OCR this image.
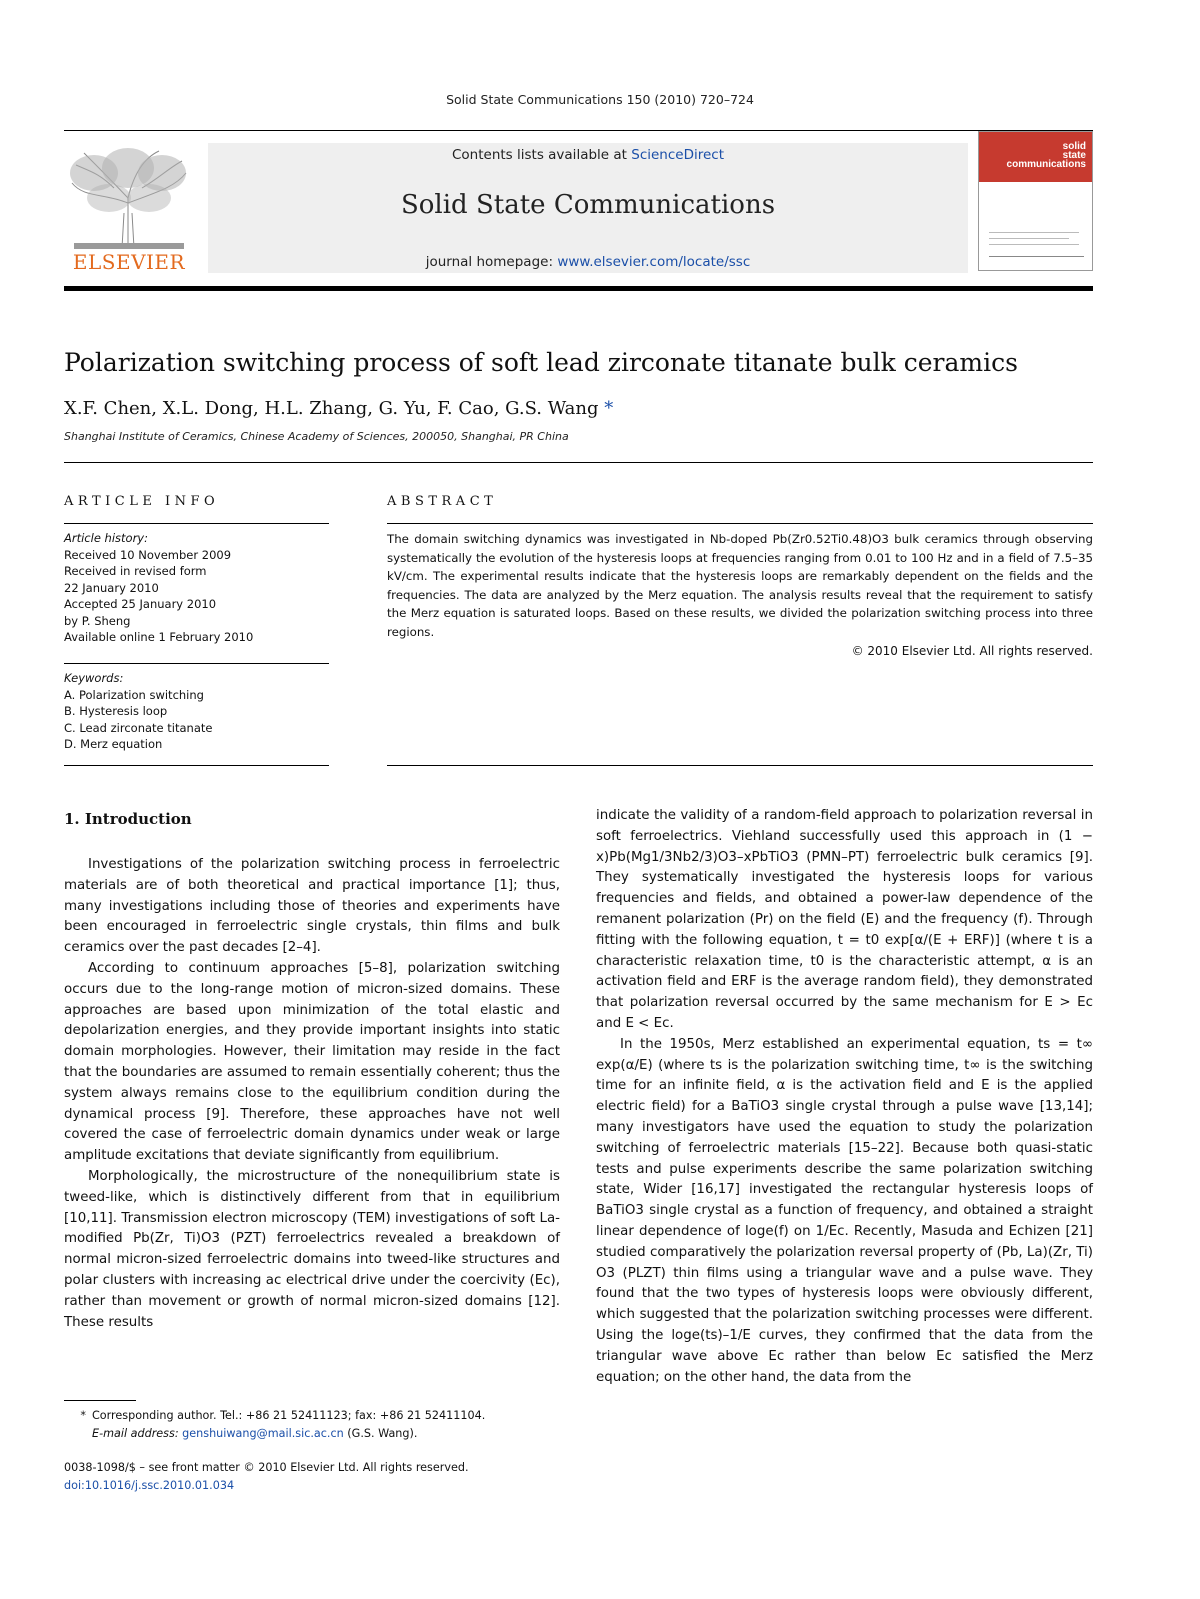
Solid State Communications 150 (2010) 720–724
ELSEVIER
Contents lists available at ScienceDirect
Solid State Communications
journal homepage: www.elsevier.com/locate/ssc
solid
state
communications
Polarization switching process of soft lead zirconate titanate bulk ceramics
X.F. Chen, X.L. Dong, H.L. Zhang, G. Yu, F. Cao, G.S. Wang *
Shanghai Institute of Ceramics, Chinese Academy of Sciences, 200050, Shanghai, PR China
ARTICLE INFO
Article history:
Received 10 November 2009
Received in revised form
22 January 2010
Accepted 25 January 2010
by P. Sheng
Available online 1 February 2010
Keywords:
A. Polarization switching
B. Hysteresis loop
C. Lead zirconate titanate
D. Merz equation
ABSTRACT
The domain switching dynamics was investigated in Nb-doped Pb(Zr0.52Ti0.48)O3 bulk ceramics through observing systematically the evolution of the hysteresis loops at frequencies ranging from 0.01 to 100 Hz and in a field of 7.5–35 kV/cm. The experimental results indicate that the hysteresis loops are remarkably dependent on the fields and the frequencies. The data are analyzed by the Merz equation. The analysis results reveal that the requirement to satisfy the Merz equation is saturated loops. Based on these results, we divided the polarization switching process into three regions.
© 2010 Elsevier Ltd. All rights reserved.
1. Introduction

Investigations of the polarization switching process in ferroelectric materials are of both theoretical and practical importance [1]; thus, many investigations including those of theories and experiments have been encouraged in ferroelectric single crystals, thin films and bulk ceramics over the past decades [2–4].

According to continuum approaches [5–8], polarization switching occurs due to the long-range motion of micron-sized domains. These approaches are based upon minimization of the total elastic and depolarization energies, and they provide important insights into static domain morphologies. However, their limitation may reside in the fact that the boundaries are assumed to remain essentially coherent; thus the system always remains close to the equilibrium condition during the dynamical process [9]. Therefore, these approaches have not well covered the case of ferroelectric domain dynamics under weak or large amplitude excitations that deviate significantly from equilibrium.

Morphologically, the microstructure of the nonequilibrium state is tweed-like, which is distinctively different from that in equilibrium [10,11]. Transmission electron microscopy (TEM) investigations of soft La-modified Pb(Zr, Ti)O3 (PZT) ferroelectrics revealed a breakdown of normal micron-sized ferroelectric domains into tweed-like structures and polar clusters with increasing ac electrical drive under the coercivity (Ec), rather than movement or growth of normal micron-sized domains [12]. These results

indicate the validity of a random-field approach to polarization reversal in soft ferroelectrics. Viehland successfully used this approach in (1 − x)Pb(Mg1/3Nb2/3)O3–xPbTiO3 (PMN–PT) ferroelectric bulk ceramics [9]. They systematically investigated the hysteresis loops for various frequencies and fields, and obtained a power-law dependence of the remanent polarization (Pr) on the field (E) and the frequency (f). Through fitting with the following equation, t = t0 exp[α/(E + ERF)] (where t is a characteristic relaxation time, t0 is the characteristic attempt, α is an activation field and ERF is the average random field), they demonstrated that polarization reversal occurred by the same mechanism for E > Ec and E < Ec.

In the 1950s, Merz established an experimental equation, ts = t∞ exp(α/E) (where ts is the polarization switching time, t∞ is the switching time for an infinite field, α is the activation field and E is the applied electric field) for a BaTiO3 single crystal through a pulse wave [13,14]; many investigators have used the equation to study the polarization switching of ferroelectric materials [15–22]. Because both quasi-static tests and pulse experiments describe the same polarization switching state, Wider [16,17] investigated the rectangular hysteresis loops of BaTiO3 single crystal as a function of frequency, and obtained a straight linear dependence of loge(f) on 1/Ec. Recently, Masuda and Echizen [21] studied comparatively the polarization reversal property of (Pb, La)(Zr, Ti) O3 (PLZT) thin films using a triangular wave and a pulse wave. They found that the two types of hysteresis loops were obviously different, which suggested that the polarization switching processes were different. Using the loge(ts)–1/E curves, they confirmed that the data from the triangular wave above Ec rather than below Ec satisfied the Merz equation; on the other hand, the data from the

* Corresponding author. Tel.: +86 21 52411123; fax: +86 21 52411104.
E-mail address: genshuiwang@mail.sic.ac.cn (G.S. Wang).
0038-1098/$ – see front matter © 2010 Elsevier Ltd. All rights reserved.
doi:10.1016/j.ssc.2010.01.034
